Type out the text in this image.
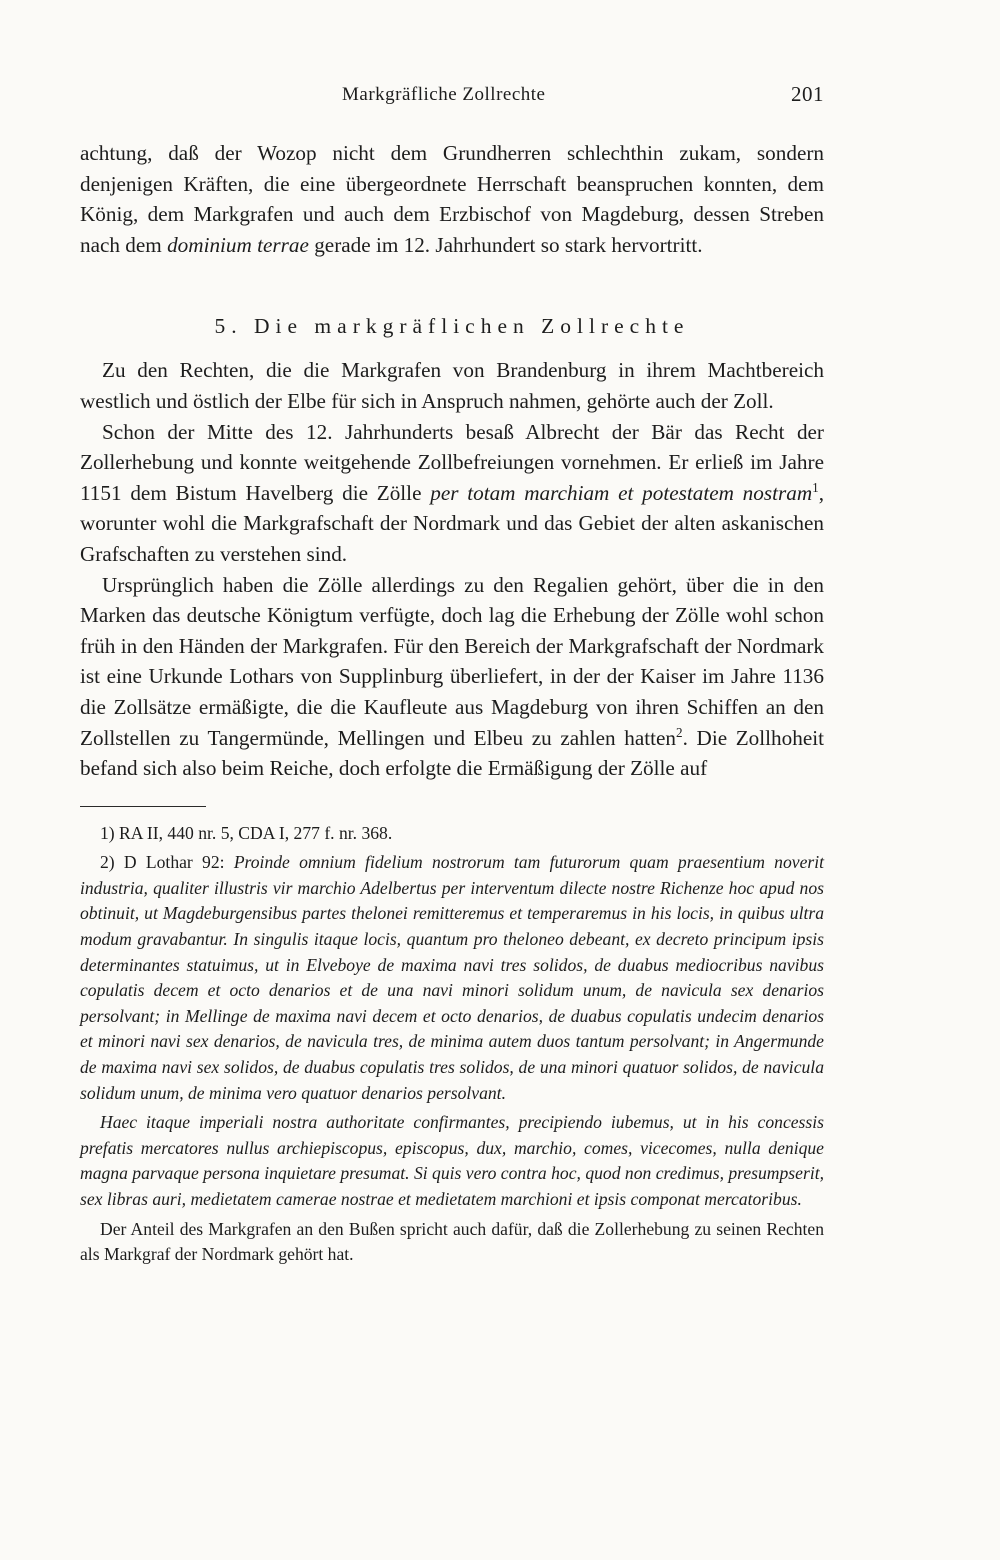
Markgräfliche Zollrechte	201

achtung, daß der Wozop nicht dem Grundherren schlechthin zukam, sondern denjenigen Kräften, die eine übergeordnete Herrschaft beanspruchen konnten, dem König, dem Markgrafen und auch dem Erzbischof von Magdeburg, dessen Streben nach dem dominium terrae gerade im 12. Jahrhundert so stark hervortritt.

5. Die markgräflichen Zollrechte

Zu den Rechten, die die Markgrafen von Brandenburg in ihrem Machtbereich westlich und östlich der Elbe für sich in Anspruch nahmen, gehörte auch der Zoll.

Schon der Mitte des 12. Jahrhunderts besaß Albrecht der Bär das Recht der Zollerhebung und konnte weitgehende Zollbefreiungen vornehmen. Er erließ im Jahre 1151 dem Bistum Havelberg die Zölle per totam marchiam et potestatem nostram$^1$, worunter wohl die Markgrafschaft der Nordmark und das Gebiet der alten askanischen Grafschaften zu verstehen sind.

Ursprünglich haben die Zölle allerdings zu den Regalien gehört, über die in den Marken das deutsche Königtum verfügte, doch lag die Erhebung der Zölle wohl schon früh in den Händen der Markgrafen. Für den Bereich der Markgrafschaft der Nordmark ist eine Urkunde Lothars von Supplinburg überliefert, in der der Kaiser im Jahre 1136 die Zollsätze ermäßigte, die die Kaufleute aus Magdeburg von ihren Schiffen an den Zollstellen zu Tangermünde, Mellingen und Elbeu zu zahlen hatten$^2$. Die Zollhoheit befand sich also beim Reiche, doch erfolgte die Ermäßigung der Zölle auf

1) RA II, 440 nr. 5, CDA I, 277 f. nr. 368.

2) D Lothar 92: Proinde omnium fidelium nostrorum tam futurorum quam praesentium noverit industria, qualiter illustris vir marchio Adelbertus per interventum dilecte nostre Richenze hoc apud nos obtinuit, ut Magdeburgensibus partes thelonei remitteremus et temperaremus in his locis, in quibus ultra modum gravabantur. In singulis itaque locis, quantum pro theloneo debeant, ex decreto principum ipsis determinantes statuimus, ut in Elveboye de maxima navi tres solidos, de duabus mediocribus navibus copulatis decem et octo denarios et de una navi minori solidum unum, de navicula sex denarios persolvant; in Mellinge de maxima navi decem et octo denarios, de duabus copulatis undecim denarios et minori navi sex denarios, de navicula tres, de minima autem duos tantum persolvant; in Angermunde de maxima navi sex solidos, de duabus copulatis tres solidos, de una minori quatuor solidos, de navicula solidum unum, de minima vero quatuor denarios persolvant.

Haec itaque imperiali nostra authoritate confirmantes, precipiendo iubemus, ut in his concessis prefatis mercatores nullus archiepiscopus, episcopus, dux, marchio, comes, vicecomes, nulla denique magna parvaque persona inquietare presumat. Si quis vero contra hoc, quod non credimus, presumpserit, sex libras auri, medietatem camerae nostrae et medietatem marchioni et ipsis componat mercatoribus.

Der Anteil des Markgrafen an den Bußen spricht auch dafür, daß die Zollerhebung zu seinen Rechten als Markgraf der Nordmark gehört hat.
